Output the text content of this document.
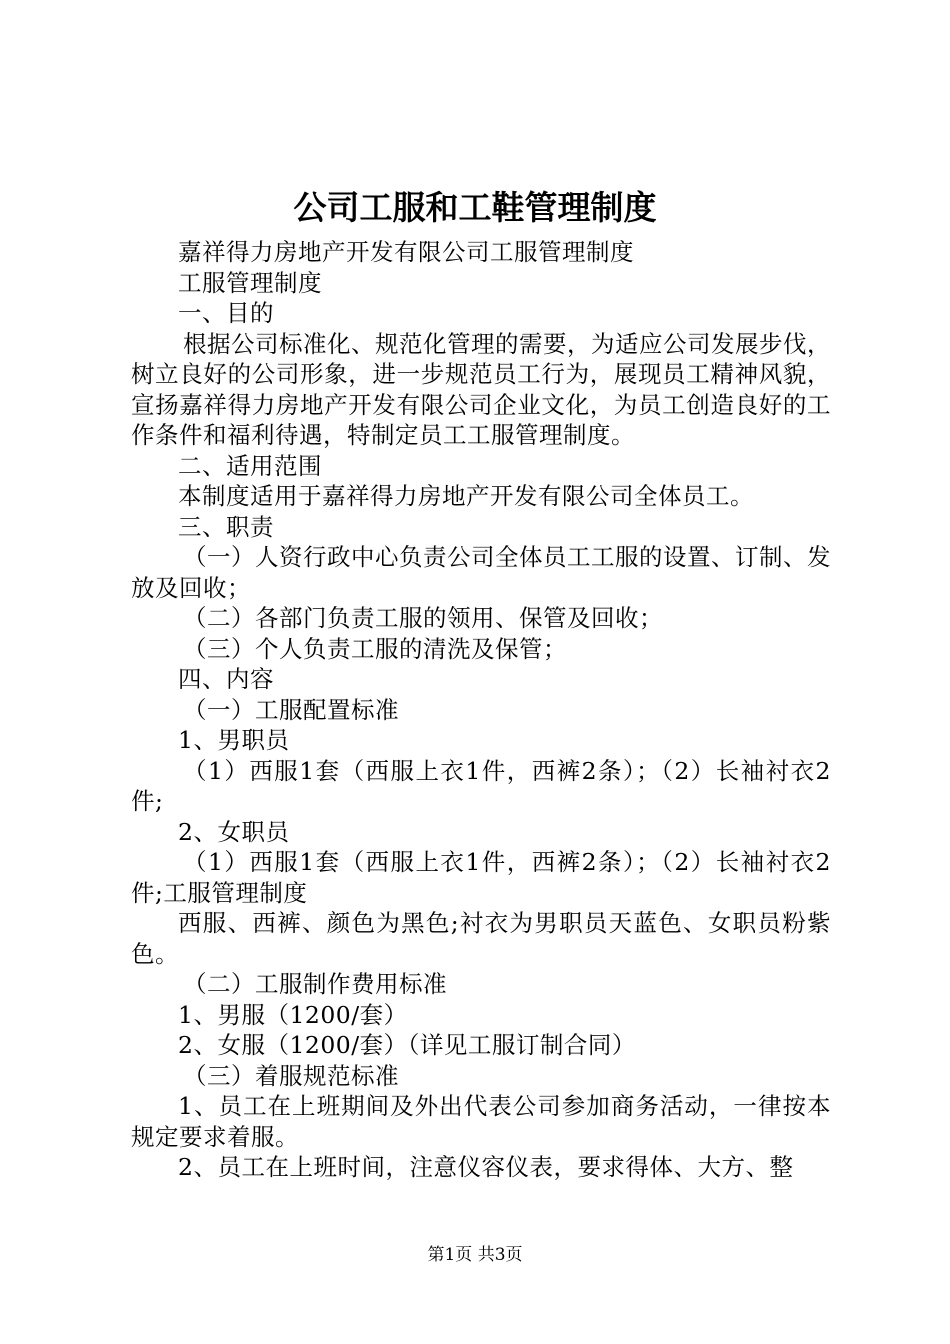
公司工服和工鞋管理制度

嘉祥得力房地产开发有限公司工服管理制度

工服管理制度

一、目的

根据公司标准化、规范化管理的需要，为适应公司发展步伐，树立良好的公司形象，进一步规范员工行为，展现员工精神风貌，宣扬嘉祥得力房地产开发有限公司企业文化，为员工创造良好的工作条件和福利待遇，特制定员工工服管理制度。

二、适用范围

本制度适用于嘉祥得力房地产开发有限公司全体员工。

三、职责

（一）人资行政中心负责公司全体员工工服的设置、订制、发放及回收；

（二）各部门负责工服的领用、保管及回收；

（三）个人负责工服的清洗及保管；

四、内容

（一）工服配置标准

1、男职员

（1）西服1套（西服上衣1件，西裤2条）；（2）长袖衬衣2件;

2、女职员

（1）西服1套（西服上衣1件，西裤2条）；（2）长袖衬衣2件;工服管理制度

西服、西裤、颜色为黑色;衬衣为男职员天蓝色、女职员粉紫色。

（二）工服制作费用标准

1、男服（1200/套）

2、女服（1200/套）（详见工服订制合同）

（三）着服规范标准

1、员工在上班期间及外出代表公司参加商务活动，一律按本规定要求着服。

2、员工在上班时间，注意仪容仪表，要求得体、大方、整

第1页 共3页
